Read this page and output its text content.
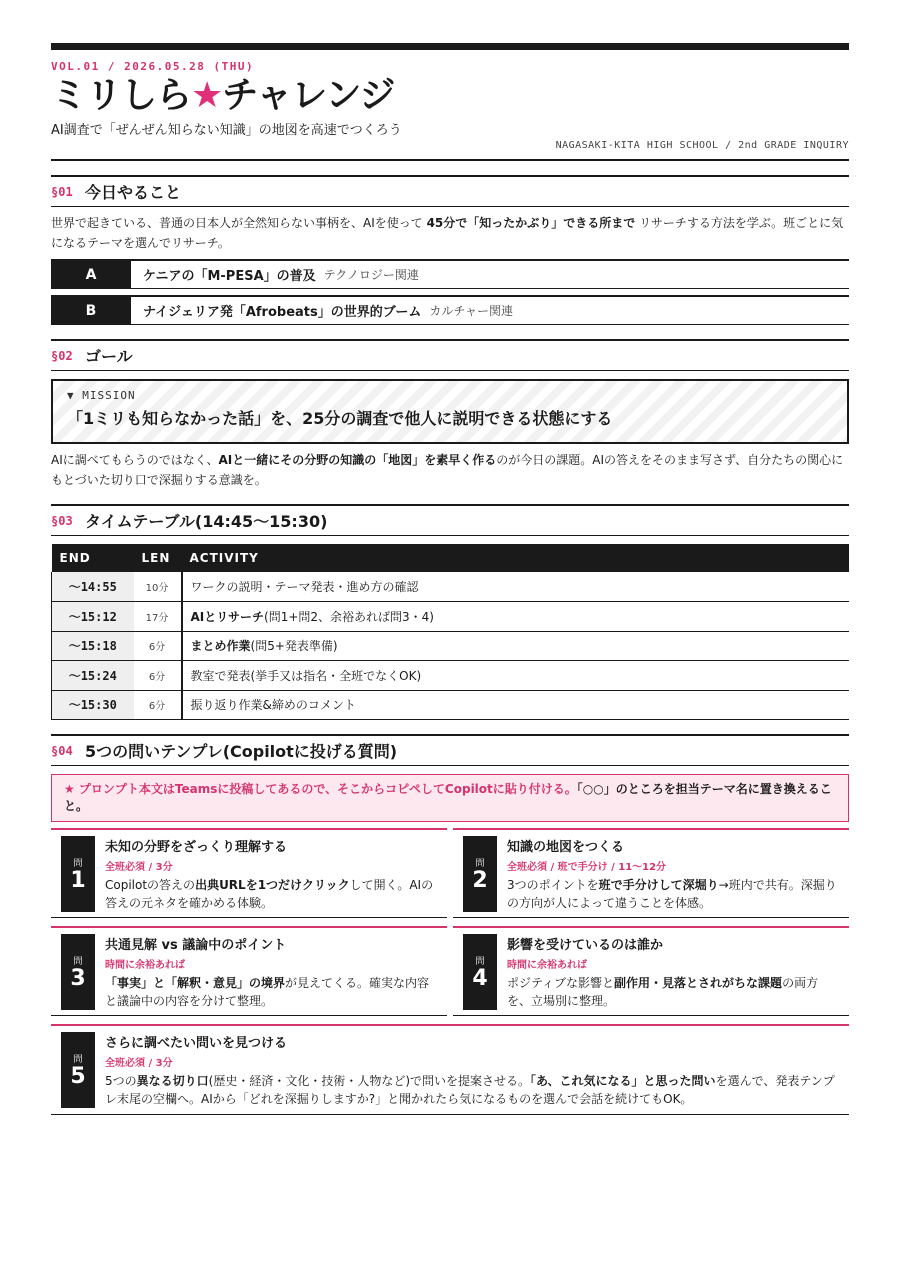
VOL.01 / 2026.05.28 (THU)
ミリしら★チャレンジ
AI調査で「ぜんぜん知らない知識」の地図を高速でつくろう
NAGASAKI-KITA HIGH SCHOOL / 2nd GRADE INQUIRY
§01 今日やること

世界で起きている、普通の日本人が全然知らない事柄を、AIを使って 45分で「知ったかぶり」できる所まで リサーチする方法を学ぶ。班ごとに気になるテーマを選んでリサーチ。

A	ケニアの「M-PESA」の普及 テクノロジー関連
B	ナイジェリア発「Afrobeats」の世界的ブーム カルチャー関連
§02 ゴール
▼ MISSION
「1ミリも知らなかった話」を、25分の調査で他人に説明できる状態にする

AIに調べてもらうのではなく、AIと一緒にその分野の知識の「地図」を素早く作るのが今日の課題。AIの答えをそのまま写さず、自分たちの関心にもとづいた切り口で深掘りする意識を。

§03 タイムテーブル(14:45〜15:30)
END	LEN	ACTIVITY
〜14:55	10分	ワークの説明・テーマ発表・進め方の確認
〜15:12	17分	AIとリサーチ(問1+問2、余裕あれば問3・4)
〜15:18	6分	まとめ作業(問5+発表準備)
〜15:24	6分	教室で発表(挙手又は指名・全班でなくOK)
〜15:30	6分	振り返り作業&締めのコメント
§04 5つの問いテンプレ(Copilotに投げる質問)
★ プロンプト本文はTeamsに投稿してあるので、そこからコピペしてCopilotに貼り付ける。「○○」のところを担当テーマ名に置き換えること。
問
1
未知の分野をざっくり理解する
全班必須 / 3分
Copilotの答えの出典URLを1つだけクリックして開く。AIの答えの元ネタを確かめる体験。
問
2
知識の地図をつくる
全班必須 / 班で手分け / 11〜12分
3つのポイントを班で手分けして深堀り→班内で共有。深掘りの方向が人によって違うことを体感。
問
3
共通見解 vs 議論中のポイント
時間に余裕あれば
「事実」と「解釈・意見」の境界が見えてくる。確実な内容と議論中の内容を分けて整理。
問
4
影響を受けているのは誰か
時間に余裕あれば
ポジティブな影響と副作用・見落とされがちな課題の両方を、立場別に整理。
問
5
さらに調べたい問いを見つける
全班必須 / 3分
5つの異なる切り口(歴史・経済・文化・技術・人物など)で問いを提案させる。「あ、これ気になる」と思った問いを選んで、発表テンプレ末尾の空欄へ。AIから「どれを深掘りしますか?」と聞かれたら気になるものを選んで会話を続けてもOK。
